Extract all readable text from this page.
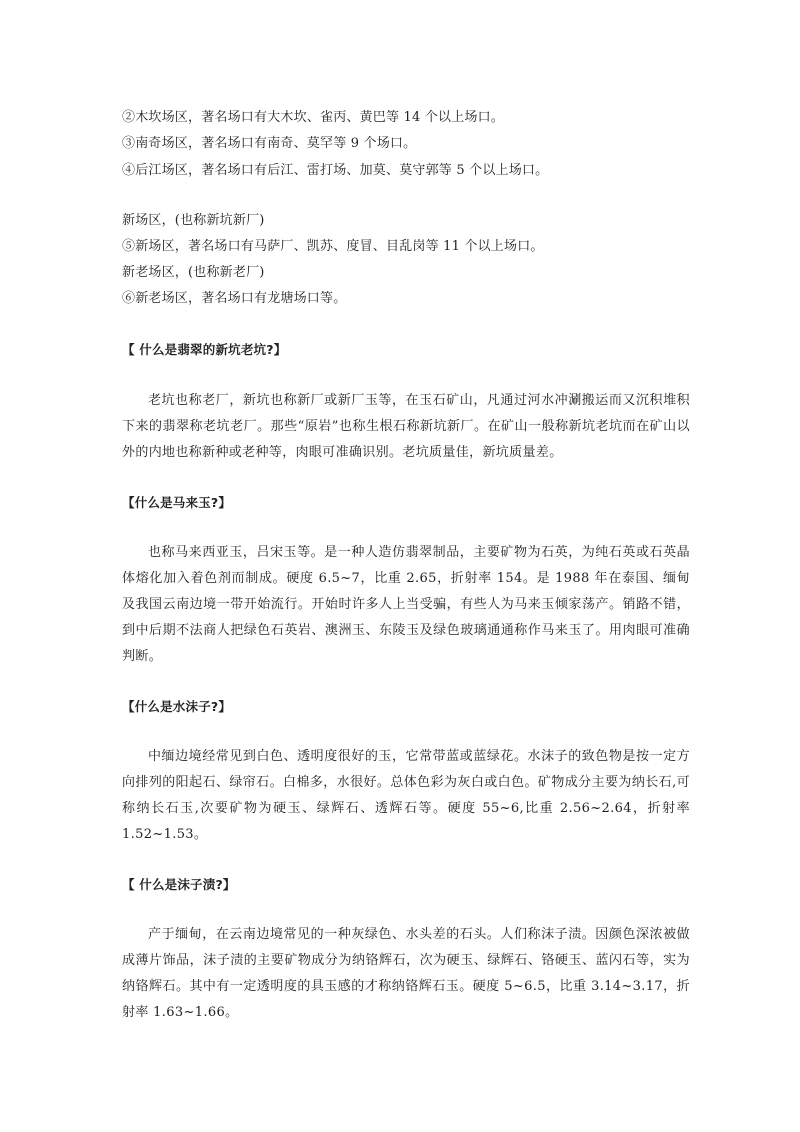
②木坎场区，著名场口有大木坎、雀丙、黄巴等 14 个以上场口。
③南奇场区，著名场口有南奇、莫罕等 9 个场口。
④后江场区，著名场口有后江、雷打场、加莫、莫守郭等 5 个以上场口。
新场区，(也称新坑新厂)
⑤新场区，著名场口有马萨厂、凯苏、度冒、目乱岗等 11 个以上场口。
新老场区，(也称新老厂)
⑥新老场区，著名场口有龙塘场口等。
【 什么是翡翠的新坑老坑?】
老坑也称老厂，新坑也称新厂或新厂玉等，在玉石矿山，凡通过河水冲涮搬运而又沉积堆积下来的翡翠称老坑老厂。那些“原岩”也称生根石称新坑新厂。在矿山一般称新坑老坑而在矿山以外的内地也称新种或老种等，肉眼可准确识别。老坑质量佳，新坑质量差。
【什么是马来玉?】
也称马来西亚玉，吕宋玉等。是一种人造仿翡翠制品，主要矿物为石英，为纯石英或石英晶体熔化加入着色剂而制成。硬度 6.5~7，比重 2.65，折射率 154。是 1988 年在泰国、缅甸及我国云南边境一带开始流行。开始时许多人上当受骗，有些人为马来玉倾家荡产。销路不错，到中后期不法商人把绿色石英岩、澳洲玉、东陵玉及绿色玻璃通通称作马来玉了。用肉眼可准确判断。
【什么是水沫子?】
中缅边境经常见到白色、透明度很好的玉，它常带蓝或蓝绿花。水沫子的致色物是按一定方向排列的阳起石、绿帘石。白棉多，水很好。总体色彩为灰白或白色。矿物成分主要为纳长石,可称纳长石玉,次要矿物为硬玉、绿辉石、透辉石等。硬度 55~6,比重 2.56~2.64，折射率 1.52~1.53。
【 什么是沫子渍?】
产于缅甸，在云南边境常见的一种灰绿色、水头差的石头。人们称沫子渍。因颜色深浓被做成薄片饰品，沫子渍的主要矿物成分为纳铬辉石，次为硬玉、绿辉石、铬硬玉、蓝闪石等，实为纳铬辉石。其中有一定透明度的具玉感的才称纳铬辉石玉。硬度 5~6.5，比重 3.14~3.17，折射率 1.63~1.66。
